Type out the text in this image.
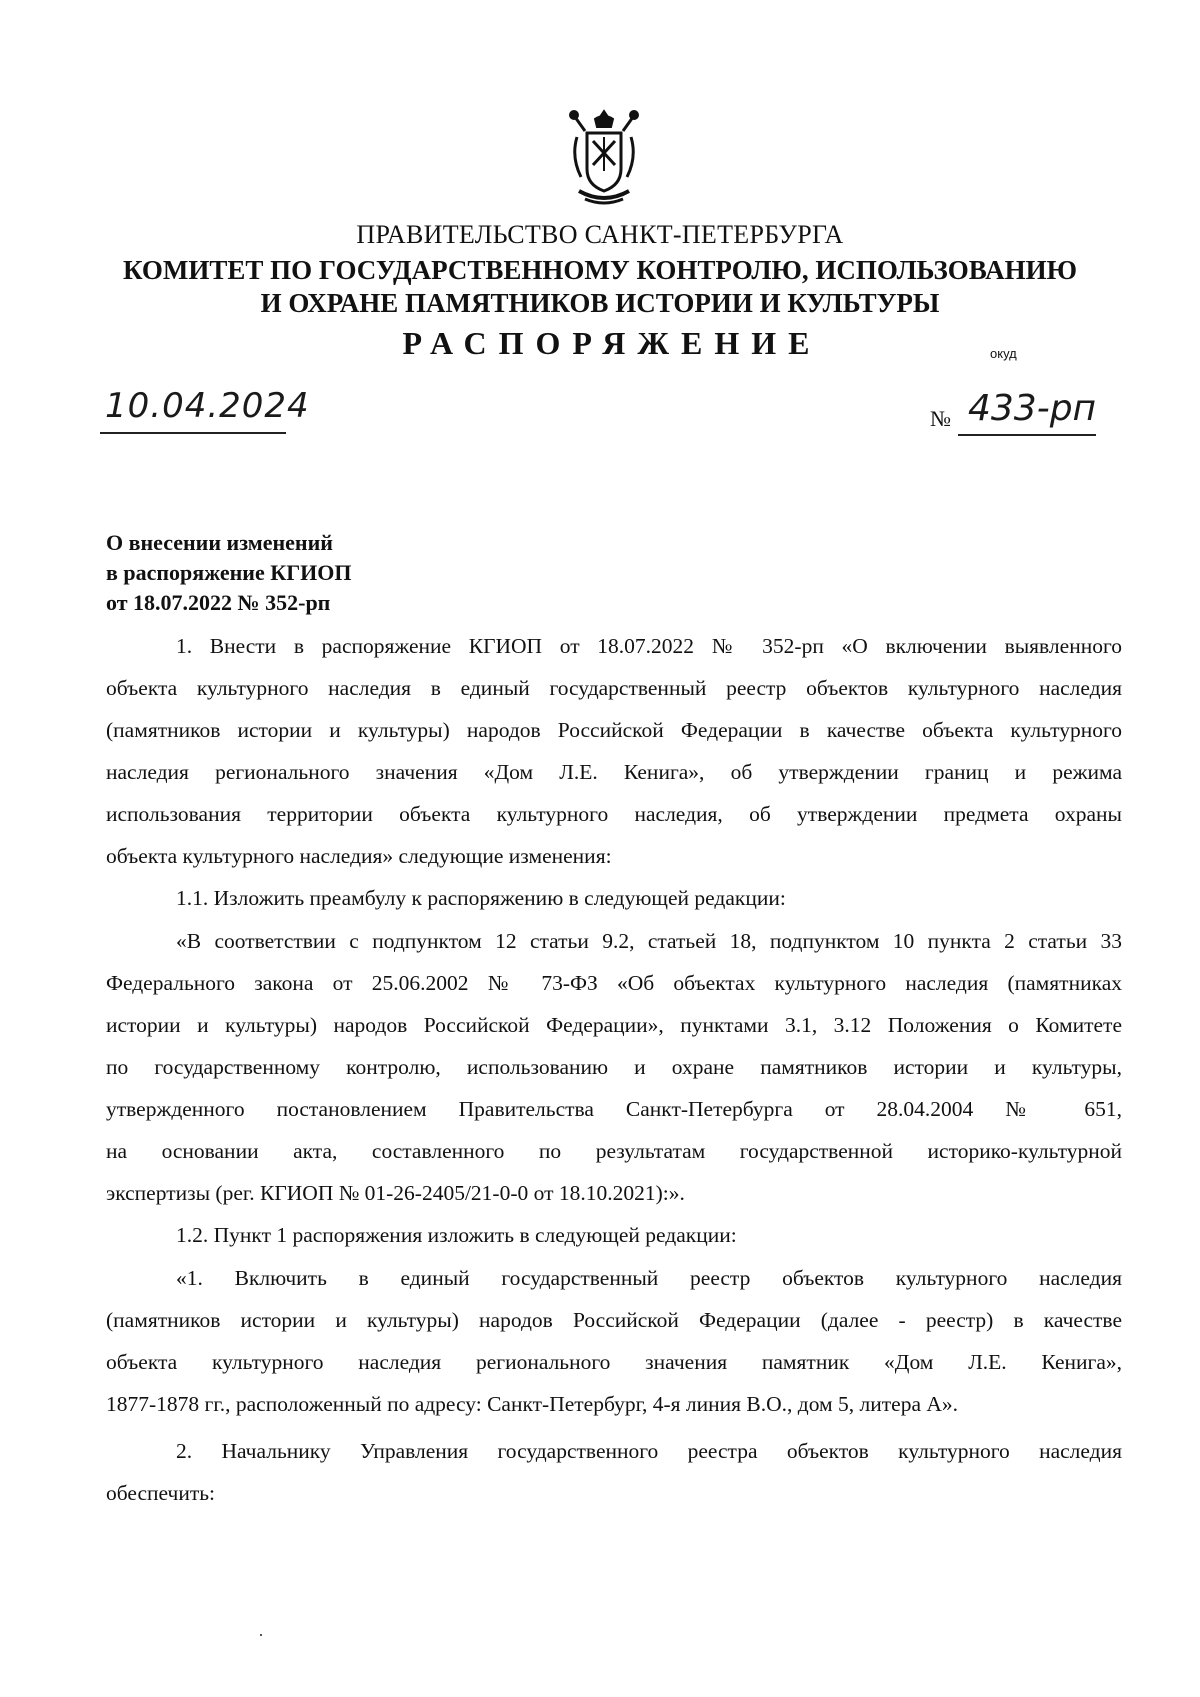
ПРАВИТЕЛЬСТВО САНКТ-ПЕТЕРБУРГА
КОМИТЕТ ПО ГОСУДАРСТВЕННОМУ КОНТРОЛЮ, ИСПОЛЬЗОВАНИЮ
И ОХРАНЕ ПАМЯТНИКОВ ИСТОРИИ И КУЛЬТУРЫ
РАСПОРЯЖЕНИЕ	окуд
10.04.2024	№ 433-рп
О внесении изменений
в распоряжение КГИОП
от 18.07.2022 № 352-рп
1. Внести в распоряжение КГИОП от 18.07.2022 № 352-рп «О включении выявленного
объекта культурного наследия в единый государственный реестр объектов культурного наследия
(памятников истории и культуры) народов Российской Федерации в качестве объекта культурного
наследия регионального значения «Дом Л.Е. Кенига», об утверждении границ и режима
использования территории объекта культурного наследия, об утверждении предмета охраны
объекта культурного наследия» следующие изменения:
1.1. Изложить преамбулу к распоряжению в следующей редакции:
«В соответствии с подпунктом 12 статьи 9.2, статьей 18, подпунктом 10 пункта 2 статьи 33
Федерального закона от 25.06.2002 № 73-ФЗ «Об объектах культурного наследия (памятниках
истории и культуры) народов Российской Федерации», пунктами 3.1, 3.12 Положения о Комитете
по государственному контролю, использованию и охране памятников истории и культуры,
утвержденного постановлением Правительства Санкт-Петербурга от 28.04.2004 № 651,
на основании акта, составленного по результатам государственной историко-культурной
экспертизы (рег. КГИОП № 01-26-2405/21-0-0 от 18.10.2021):».
1.2. Пункт 1 распоряжения изложить в следующей редакции:
«1. Включить в единый государственный реестр объектов культурного наследия
(памятников истории и культуры) народов Российской Федерации (далее - реестр) в качестве
объекта культурного наследия регионального значения памятник «Дом Л.Е. Кенига»,
1877-1878 гг., расположенный по адресу: Санкт-Петербург, 4-я линия В.О., дом 5, литера А».
2. Начальнику Управления государственного реестра объектов культурного наследия
обеспечить:
